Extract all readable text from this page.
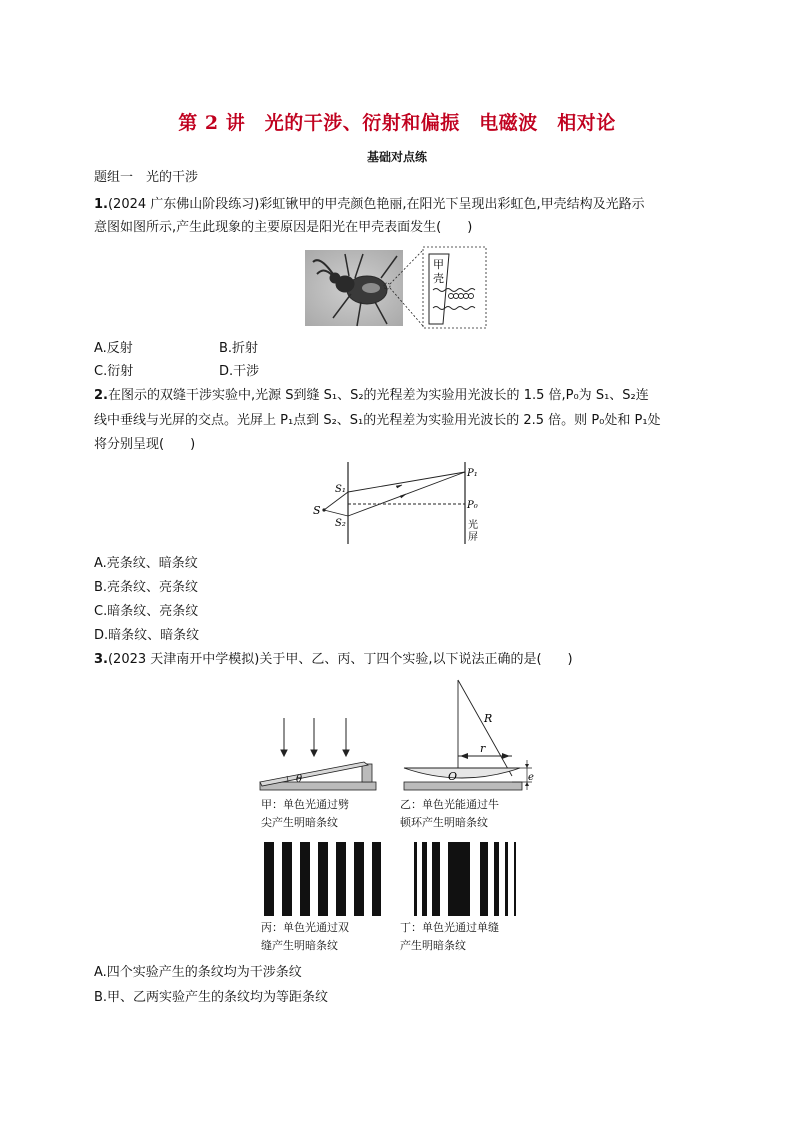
第 2 讲　光的干涉、衍射和偏振　电磁波　相对论
基础对点练
题组一　光的干涉
1.(2024 广东佛山阶段练习)彩虹锹甲的甲壳颜色艳丽,在阳光下呈现出彩虹色,甲壳结构及光路示
意图如图所示,产生此现象的主要原因是阳光在甲壳表面发生(　　)
甲
壳
A.反射	B.折射
C.衍射	D.干涉
2.在图示的双缝干涉实验中,光源 S到缝 S₁、S₂的光程差为实验用光波长的 1.5 倍,P₀为 S₁、S₂连
线中垂线与光屏的交点。光屏上 P₁点到 S₂、S₁的光程差为实验用光波长的 2.5 倍。则 P₀处和 P₁处
将分别呈现(　　)
S
S₁
S₂
P₁
P₀
光
屏
A.亮条纹、暗条纹
B.亮条纹、亮条纹
C.暗条纹、亮条纹
D.暗条纹、暗条纹
3.(2023 天津南开中学模拟)关于甲、乙、丙、丁四个实验,以下说法正确的是(　　)
θ
甲：单色光通过劈
尖产生明暗条纹
R
r
O	e
乙：单色光能通过牛
顿环产生明暗条纹
丙：单色光通过双
缝产生明暗条纹
丁：单色光通过单缝
产生明暗条纹
A.四个实验产生的条纹均为干涉条纹
B.甲、乙两实验产生的条纹均为等距条纹
